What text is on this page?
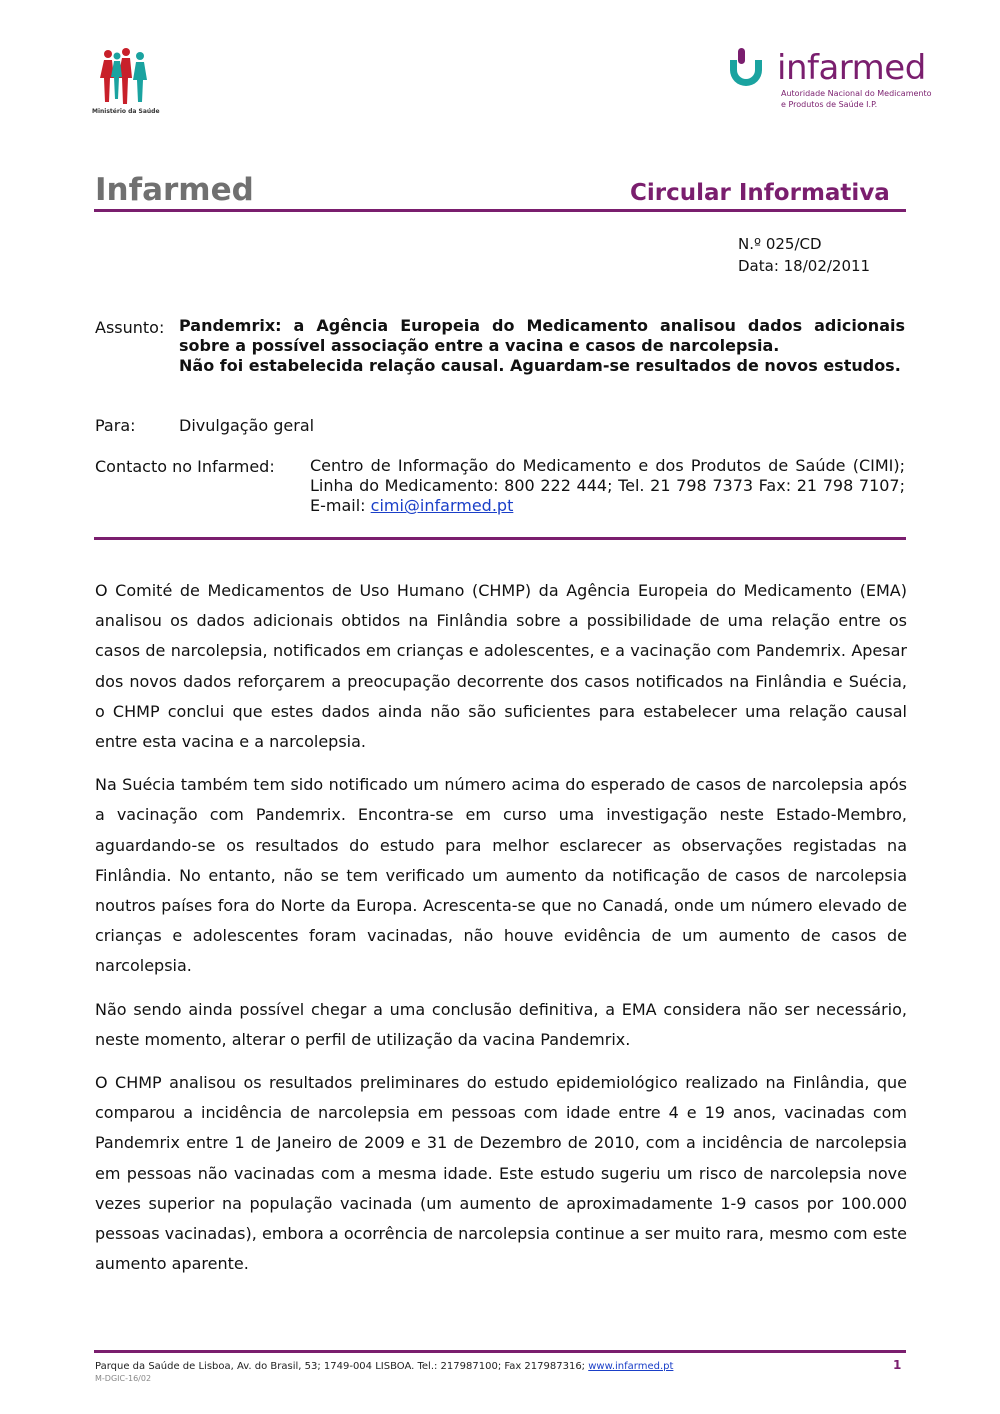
Ministério da Saúde
infarmed
Autoridade Nacional do Medicamento
e Produtos de Saúde I.P.
Infarmed	Circular Informativa
N.º 025/CD
Data: 18/02/2011
Assunto: Pandemrix: a Agência Europeia do Medicamento analisou dados adicionais sobre a possível associação entre a vacina e casos de narcolepsia.
Não foi estabelecida relação causal. Aguardam-se resultados de novos estudos.
Para:	Divulgação geral
Contacto no Infarmed: Centro de Informação do Medicamento e dos Produtos de Saúde (CIMI); Linha do Medicamento: 800 222 444; Tel. 21 798 7373 Fax: 21 798 7107; E-mail: cimi@infarmed.pt

O Comité de Medicamentos de Uso Humano (CHMP) da Agência Europeia do Medicamento (EMA) analisou os dados adicionais obtidos na Finlândia sobre a possibilidade de uma relação entre os casos de narcolepsia, notificados em crianças e adolescentes, e a vacinação com Pandemrix. Apesar dos novos dados reforçarem a preocupação decorrente dos casos notificados na Finlândia e Suécia, o CHMP conclui que estes dados ainda não são suficientes para estabelecer uma relação causal entre esta vacina e a narcolepsia.

Na Suécia também tem sido notificado um número acima do esperado de casos de narcolepsia após a vacinação com Pandemrix. Encontra-se em curso uma investigação neste Estado-Membro, aguardando-se os resultados do estudo para melhor esclarecer as observações registadas na Finlândia. No entanto, não se tem verificado um aumento da notificação de casos de narcolepsia noutros países fora do Norte da Europa. Acrescenta-se que no Canadá, onde um número elevado de crianças e adolescentes foram vacinadas, não houve evidência de um aumento de casos de narcolepsia.

Não sendo ainda possível chegar a uma conclusão definitiva, a EMA considera não ser necessário, neste momento, alterar o perfil de utilização da vacina Pandemrix.

O CHMP analisou os resultados preliminares do estudo epidemiológico realizado na Finlândia, que comparou a incidência de narcolepsia em pessoas com idade entre 4 e 19 anos, vacinadas com Pandemrix entre 1 de Janeiro de 2009 e 31 de Dezembro de 2010, com a incidência de narcolepsia em pessoas não vacinadas com a mesma idade. Este estudo sugeriu um risco de narcolepsia nove vezes superior na população vacinada (um aumento de aproximadamente 1-9 casos por 100.000 pessoas vacinadas), embora a ocorrência de narcolepsia continue a ser muito rara, mesmo com este aumento aparente.

Parque da Saúde de Lisboa, Av. do Brasil, 53; 1749-004 LISBOA. Tel.: 217987100; Fax 217987316; www.infarmed.pt
M-DGIC-16/02
1
